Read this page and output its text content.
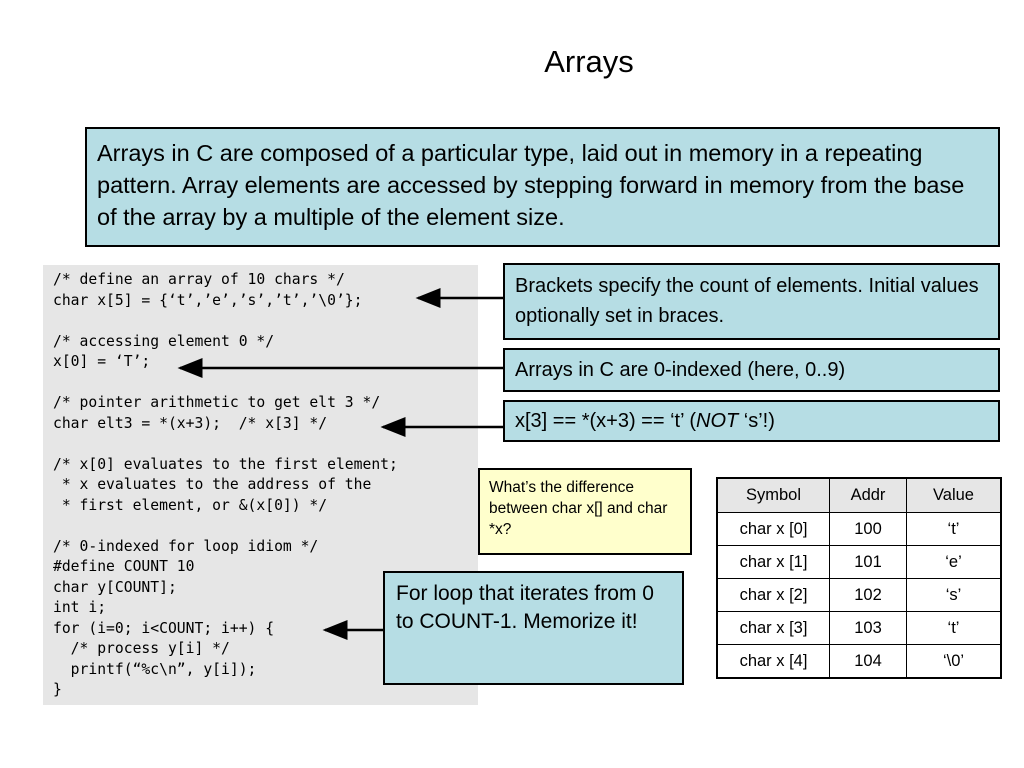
Arrays
Arrays in C are composed of a particular type, laid out in memory in a repeating pattern. Array elements are accessed by stepping forward in memory from the base of the array by a multiple of the element size.
/* define an array of 10 chars */
char x[5] = {‘t’,’e’,’s’,’t’,’\0’};
/* accessing element 0 */
x[0] = ‘T’;
/* pointer arithmetic to get elt 3 */
char elt3 = *(x+3);  /* x[3] */
/* x[0] evaluates to the first element;
* x evaluates to the address of the
* first element, or &(x[0]) */
/* 0-indexed for loop idiom */
#define COUNT 10
char y[COUNT];
int i;
for (i=0; i<COUNT; i++) {
/* process y[i] */
printf(“%c\n”, y[i]);
}
Brackets specify the count of elements. Initial values optionally set in braces.
Arrays in C are 0-indexed (here, 0..9)
x[3] == *(x+3) == ‘t’ (NOT ‘s’!)
For loop that iterates from 0 to COUNT-1. Memorize it!
What’s the difference between char x[] and char *x?
Symbol	Addr	Value
char x [0]	100	‘t’
char x [1]	101	‘e’
char x [2]	102	‘s’
char x [3]	103	‘t’
char x [4]	104	‘\0’
